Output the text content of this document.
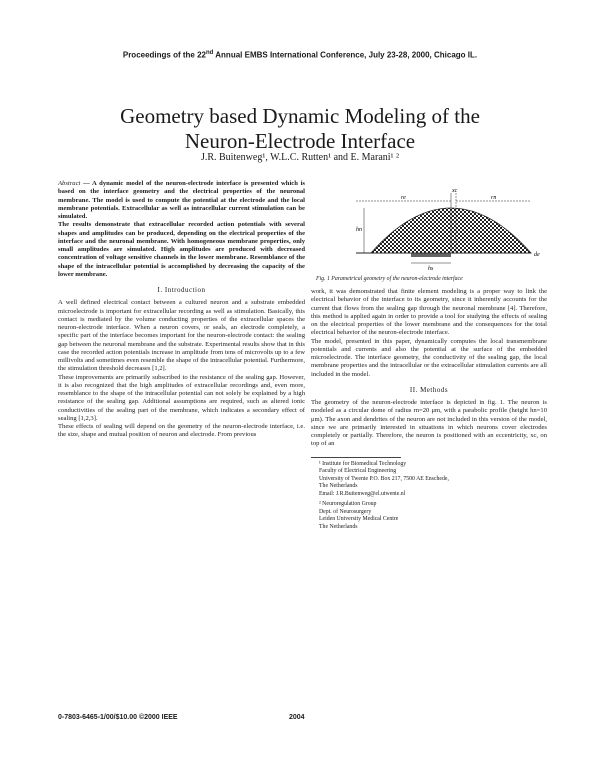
Proceedings of the 22nd Annual EMBS International Conference, July 23-28, 2000, Chicago IL.
Geometry based Dynamic Modeling of the
Neuron-Electrode Interface
J.R. Buitenweg¹, W.L.C. Rutten¹ and E. Marani¹ ²

Abstract — A dynamic model of the neuron-electrode interface is presented which is based on the interface geometry and the electrical properties of the neuronal membrane. The model is used to compute the potential at the electrode and the local membrane potentials. Extracellular as well as intracellular current stimulation can be simulated.

The results demonstrate that extracellular recorded action potentials with several shapes and amplitudes can be produced, depending on the electrical properties of the interface and the neuronal membrane. With homogeneous membrane properties, only small amplitudes are simulated. High amplitudes are produced with decreased concentration of voltage sensitive channels in the lower membrane. Resemblance of the shape of the intracellular potential is accomplished by decreasing the capacity of the lower membrane.

I. Introduction

A well defined electrical contact between a cultured neuron and a substrate embedded microelectrode is important for extracellular recording as well as stimulation. Basically, this contact is mediated by the volume conducting properties of the extracellular spaces the neuron-electrode interface. When a neuron covers, or seals, an electrode completely, a specific part of the interface becomes important for the neuron-electrode contact: the sealing gap between the neuronal membrane and the substrate. Experimental results show that in this case the recorded action potentials increase in amplitude from tens of microvolts up to a few millivolts and sometimes even resemble the shape of the intracellular potential. Furthermore, the stimulation threshold decreases [1,2].

These improvements are primarily subscribed to the resistance of the sealing gap. However, it is also recognized that the high amplitudes of extracellular recordings and, even more, resemblance to the shape of the intracellular potential can not solely be explained by a high resistance of the sealing gap. Additional assumptions are required, such as altered ionic conductivities of the sealing part of the membrane, which indicates a secondary effect of sealing [1,2,3].

These effects of sealing will depend on the geometry of the neuron-electrode interface, i.e. the size, shape and mutual position of neuron and electrode. From previous

xc
re	rn
hn
hs
de
Fig. 1 Parametrical geometry of the neuron-electrode interface

work, it was demonstrated that finite element modeling is a proper way to link the electrical behavior of the interface to its geometry, since it inherently accounts for the current that flows from the sealing gap through the neuronal membrane [4]. Therefore, this method is applied again in order to provide a tool for studying the effects of sealing on the electrical properties of the lower membrane and the consequences for the total electrical behavior of the neuron-electrode interface.

The model, presented in this paper, dynamically computes the local transmembrane potentials and currents and also the potential at the surface of the embedded microelectrode. The interface geometry, the conductivity of the sealing gap, the local membrane properties and the intracellular or the extracellular stimulation currents are all included in the model.

II. Methods

The geometry of the neuron-electrode interface is depicted in fig. 1. The neuron is modeled as a circular dome of radius rn=20 μm, with a parabolic profile (height hn=10 μm). The axon and dendrites of the neuron are not included in this version of the model, since we are primarily interested in situations in which neurons cover electrodes completely or partially. Therefore, the neuron is positioned with an eccentricity, xc, on top of an

¹ Institute for Biomedical Technology
Faculty of Electrical Engineering
University of Twente P.O. Box 217, 7500 AE Enschede,
The Netherlands
Email: J.R.Buitenweg@el.utwente.nl

² Neuroregulation Group
Dept. of Neurosurgery
Leiden University Medical Centre
The Netherlands

0-7803-6465-1/00/$10.00 ©2000 IEEE	2004
